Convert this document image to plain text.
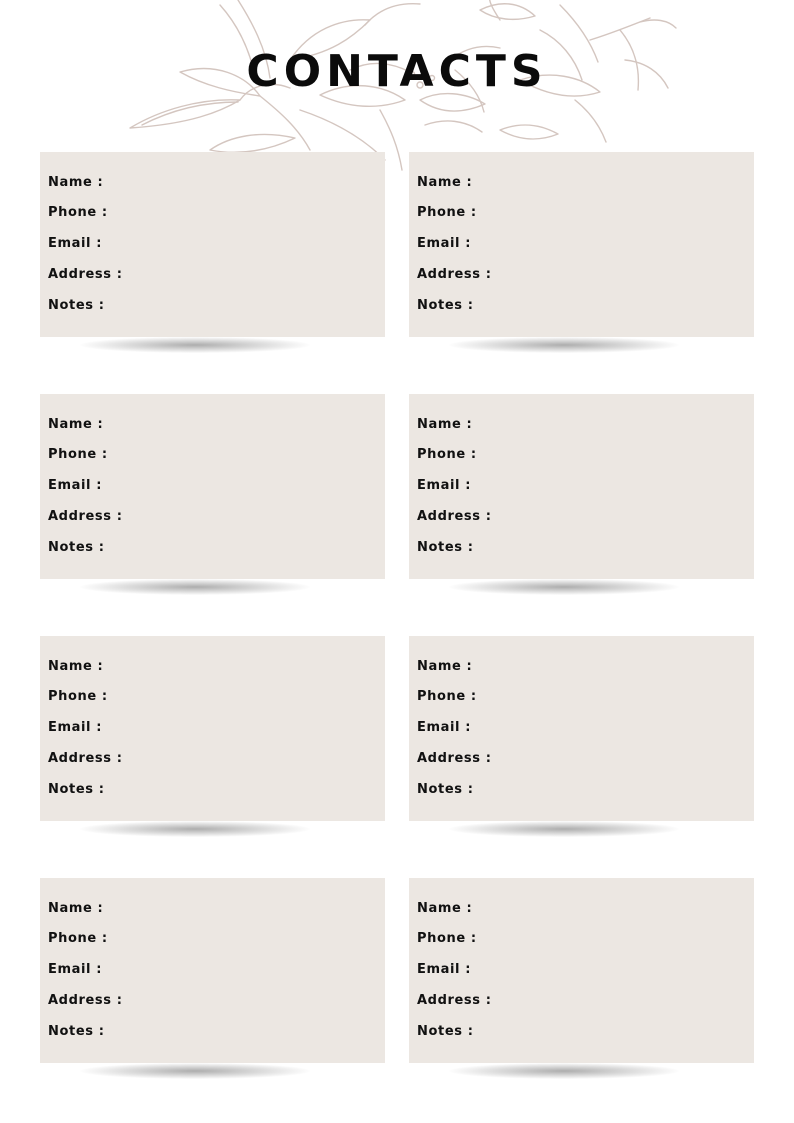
CONTACTS
Name :
Phone :
Email :
Address :
Notes :
Name :
Phone :
Email :
Address :
Notes :
Name :
Phone :
Email :
Address :
Notes :
Name :
Phone :
Email :
Address :
Notes :
Name :
Phone :
Email :
Address :
Notes :
Name :
Phone :
Email :
Address :
Notes :
Name :
Phone :
Email :
Address :
Notes :
Name :
Phone :
Email :
Address :
Notes :
